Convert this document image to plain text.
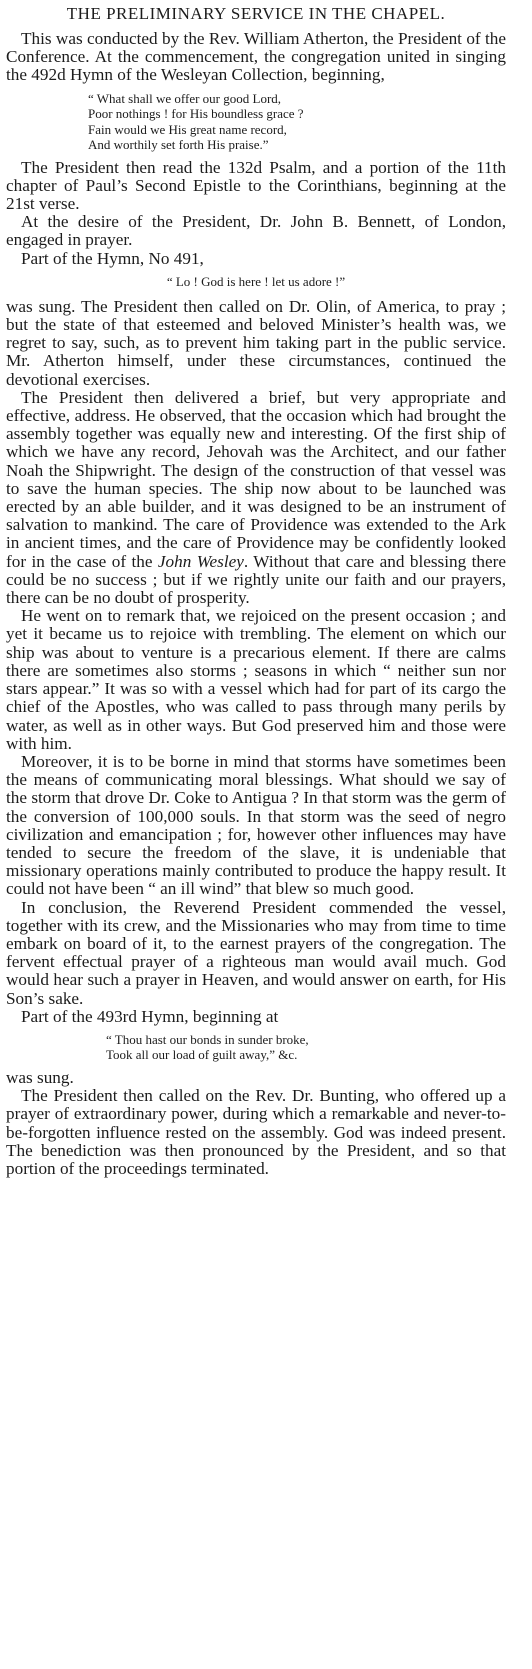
THE PRELIMINARY SERVICE IN THE CHAPEL.

This was conducted by the Rev. William Atherton, the President of the Conference. At the commencement, the congregation united in singing the 492d Hymn of the Wesleyan Collection, beginning,

“ What shall we offer our good Lord,
Poor nothings ! for His boundless grace ?
Fain would we His great name record,
And worthily set forth His praise.”

The President then read the 132d Psalm, and a portion of the 11th chapter of Paul’s Second Epistle to the Corinthians, beginning at the 21st verse.

At the desire of the President, Dr. John B. Bennett, of London, engaged in prayer.

Part of the Hymn, No 491,

“ Lo ! God is here ! let us adore !”

was sung. The President then called on Dr. Olin, of America, to pray ; but the state of that esteemed and beloved Minister’s health was, we regret to say, such, as to prevent him taking part in the public service. Mr. Atherton himself, under these circumstances, continued the devotional exercises.

The President then delivered a brief, but very appropriate and effective, address. He observed, that the occasion which had brought the assembly together was equally new and interesting. Of the first ship of which we have any record, Jehovah was the Architect, and our father Noah the Shipwright. The design of the construction of that vessel was to save the human species. The ship now about to be launched was erected by an able builder, and it was designed to be an instrument of salvation to mankind. The care of Providence was extended to the Ark in ancient times, and the care of Providence may be confidently looked for in the case of the John Wesley. Without that care and blessing there could be no success ; but if we rightly unite our faith and our prayers, there can be no doubt of prosperity.

He went on to remark that, we rejoiced on the present occasion ; and yet it became us to rejoice with trembling. The element on which our ship was about to venture is a precarious element. If there are calms there are sometimes also storms ; seasons in which “ neither sun nor stars appear.” It was so with a vessel which had for part of its cargo the chief of the Apostles, who was called to pass through many perils by water, as well as in other ways. But God preserved him and those were with him.

Moreover, it is to be borne in mind that storms have sometimes been the means of communicating moral blessings. What should we say of the storm that drove Dr. Coke to Antigua ? In that storm was the germ of the conversion of 100,000 souls. In that storm was the seed of negro civilization and emancipation ; for, however other influences may have tended to secure the freedom of the slave, it is undeniable that missionary operations mainly contributed to produce the happy result. It could not have been “ an ill wind” that blew so much good.

In conclusion, the Reverend President commended the vessel, together with its crew, and the Missionaries who may from time to time embark on board of it, to the earnest prayers of the congregation. The fervent effectual prayer of a righteous man would avail much. God would hear such a prayer in Heaven, and would answer on earth, for His Son’s sake.

Part of the 493rd Hymn, beginning at

“ Thou hast our bonds in sunder broke,
Took all our load of guilt away,” &c.

was sung.

The President then called on the Rev. Dr. Bunting, who offered up a prayer of extraordinary power, during which a remarkable and never-to-be-forgotten influence rested on the assembly. God was indeed present. The benediction was then pronounced by the President, and so that portion of the proceedings terminated.
